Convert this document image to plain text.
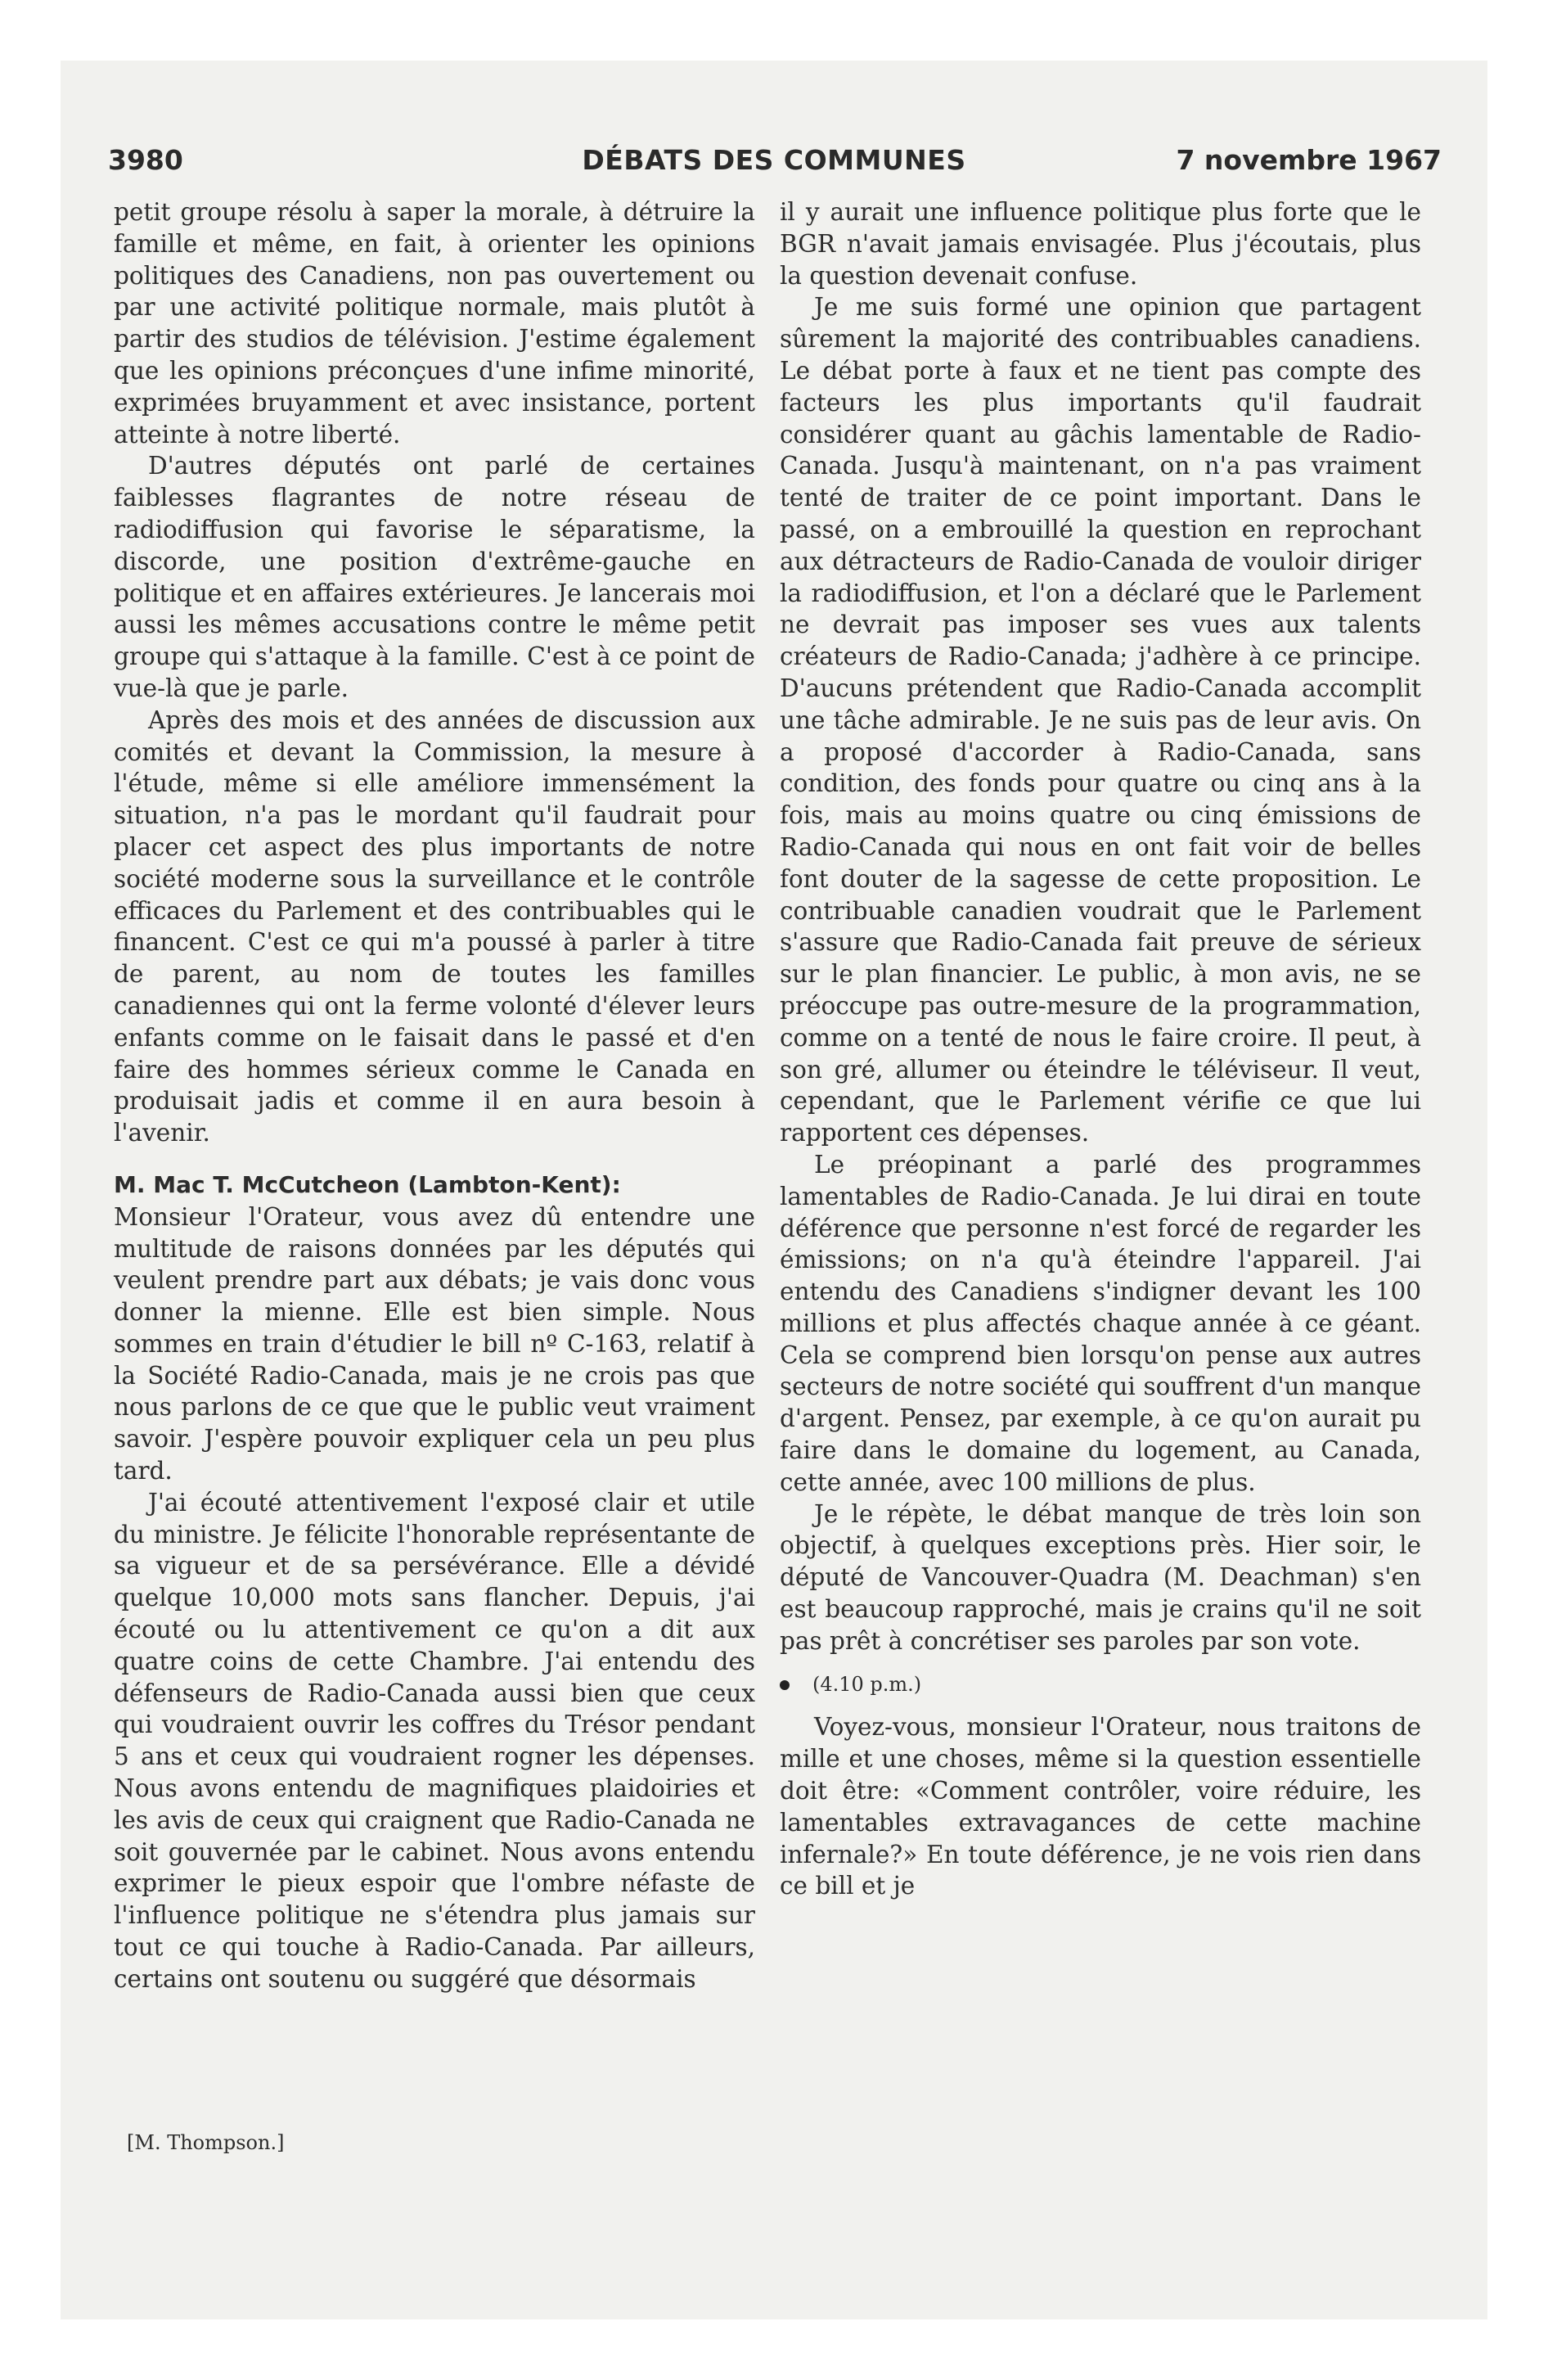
3980	DÉBATS DES COMMUNES	7 novembre 1967

petit groupe résolu à saper la morale, à détruire la famille et même, en fait, à orienter les opinions politiques des Canadiens, non pas ouvertement ou par une activité politique normale, mais plutôt à partir des studios de télévision. J'estime également que les opinions préconçues d'une infime minorité, exprimées bruyamment et avec insistance, portent atteinte à notre liberté.

D'autres députés ont parlé de certaines faiblesses flagrantes de notre réseau de radiodiffusion qui favorise le séparatisme, la discorde, une position d'extrême-gauche en politique et en affaires extérieures. Je lancerais moi aussi les mêmes accusations contre le même petit groupe qui s'attaque à la famille. C'est à ce point de vue-là que je parle.

Après des mois et des années de discussion aux comités et devant la Commission, la mesure à l'étude, même si elle améliore immensément la situation, n'a pas le mordant qu'il faudrait pour placer cet aspect des plus importants de notre société moderne sous la surveillance et le contrôle efficaces du Parlement et des contribuables qui le financent. C'est ce qui m'a poussé à parler à titre de parent, au nom de toutes les familles canadiennes qui ont la ferme volonté d'élever leurs enfants comme on le faisait dans le passé et d'en faire des hommes sérieux comme le Canada en produisait jadis et comme il en aura besoin à l'avenir.

M. Mac T. McCutcheon (Lambton-Kent):

Monsieur l'Orateur, vous avez dû entendre une multitude de raisons données par les députés qui veulent prendre part aux débats; je vais donc vous donner la mienne. Elle est bien simple. Nous sommes en train d'étudier le bill nº C-163, relatif à la Société Radio-Canada, mais je ne crois pas que nous parlons de ce que que le public veut vraiment savoir. J'espère pouvoir expliquer cela un peu plus tard.

J'ai écouté attentivement l'exposé clair et utile du ministre. Je félicite l'honorable représentante de sa vigueur et de sa persévérance. Elle a dévidé quelque 10,000 mots sans flancher. Depuis, j'ai écouté ou lu attentivement ce qu'on a dit aux quatre coins de cette Chambre. J'ai entendu des défenseurs de Radio-Canada aussi bien que ceux qui voudraient ouvrir les coffres du Trésor pendant 5 ans et ceux qui voudraient rogner les dépenses. Nous avons entendu de magnifiques plaidoiries et les avis de ceux qui craignent que Radio-Canada ne soit gouvernée par le cabinet. Nous avons entendu exprimer le pieux espoir que l'ombre néfaste de l'influence politique ne s'étendra plus jamais sur tout ce qui touche à Radio-Canada. Par ailleurs, certains ont soutenu ou suggéré que désormais

il y aurait une influence politique plus forte que le BGR n'avait jamais envisagée. Plus j'écoutais, plus la question devenait confuse.

Je me suis formé une opinion que partagent sûrement la majorité des contribuables canadiens. Le débat porte à faux et ne tient pas compte des facteurs les plus importants qu'il faudrait considérer quant au gâchis lamentable de Radio-Canada. Jusqu'à maintenant, on n'a pas vraiment tenté de traiter de ce point important. Dans le passé, on a embrouillé la question en reprochant aux détracteurs de Radio-Canada de vouloir diriger la radiodiffusion, et l'on a déclaré que le Parlement ne devrait pas imposer ses vues aux talents créateurs de Radio-Canada; j'adhère à ce principe. D'aucuns prétendent que Radio-Canada accomplit une tâche admirable. Je ne suis pas de leur avis. On a proposé d'accorder à Radio-Canada, sans condition, des fonds pour quatre ou cinq ans à la fois, mais au moins quatre ou cinq émissions de Radio-Canada qui nous en ont fait voir de belles font douter de la sagesse de cette proposition. Le contribuable canadien voudrait que le Parlement s'assure que Radio-Canada fait preuve de sérieux sur le plan financier. Le public, à mon avis, ne se préoccupe pas outre-mesure de la programmation, comme on a tenté de nous le faire croire. Il peut, à son gré, allumer ou éteindre le téléviseur. Il veut, cependant, que le Parlement vérifie ce que lui rapportent ces dépenses.

Le préopinant a parlé des programmes lamentables de Radio-Canada. Je lui dirai en toute déférence que personne n'est forcé de regarder les émissions; on n'a qu'à éteindre l'appareil. J'ai entendu des Canadiens s'indigner devant les 100 millions et plus affectés chaque année à ce géant. Cela se comprend bien lorsqu'on pense aux autres secteurs de notre société qui souffrent d'un manque d'argent. Pensez, par exemple, à ce qu'on aurait pu faire dans le domaine du logement, au Canada, cette année, avec 100 millions de plus.

Je le répète, le débat manque de très loin son objectif, à quelques exceptions près. Hier soir, le député de Vancouver-Quadra (M. Deachman) s'en est beaucoup rapproché, mais je crains qu'il ne soit pas prêt à concrétiser ses paroles par son vote.

(4.10 p.m.)

Voyez-vous, monsieur l'Orateur, nous traitons de mille et une choses, même si la question essentielle doit être: «Comment contrôler, voire réduire, les lamentables extravagances de cette machine infernale?» En toute déférence, je ne vois rien dans ce bill et je

[M. Thompson.]
